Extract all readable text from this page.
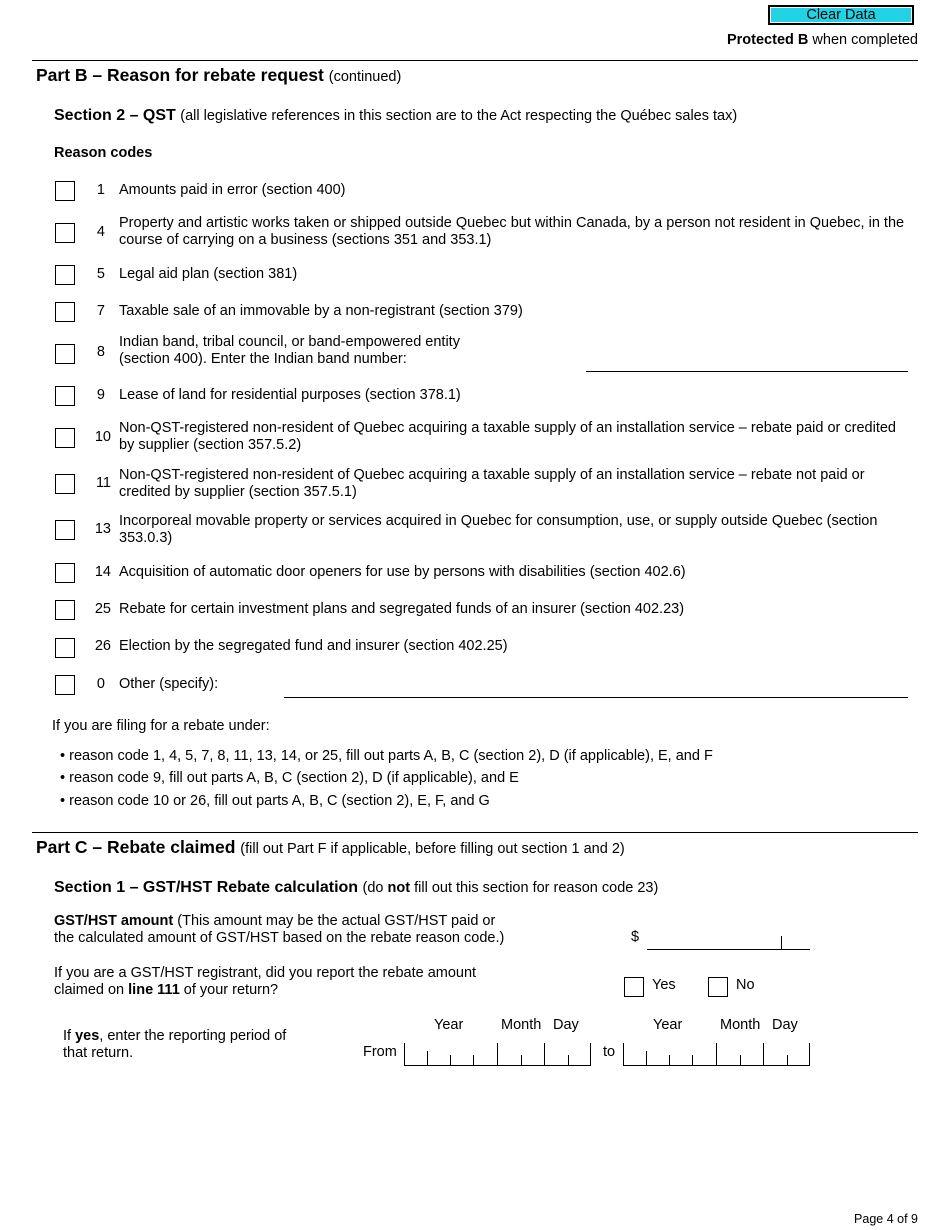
Clear Data
Protected B when completed
Part B – Reason for rebate request (continued)
Section 2 – QST (all legislative references in this section are to the Act respecting the Québec sales tax)
Reason codes
1 Amounts paid in error (section 400)
4
Property and artistic works taken or shipped outside Quebec but within Canada, by a person not resident in Quebec, in the course of carrying on a business (sections 351 and 353.1)
5 Legal aid plan (section 381)
7 Taxable sale of an immovable by a non-registrant (section 379)
8
Indian band, tribal council, or band-empowered entity
(section 400). Enter the Indian band number:
9 Lease of land for residential purposes (section 378.1)
10
Non-QST-registered non-resident of Quebec acquiring a taxable supply of an installation service – rebate paid or credited by supplier (section 357.5.2)
11 Non-QST-registered non-resident of Quebec acquiring a taxable supply of an installation service – rebate not paid or credited by supplier (section 357.5.1)
13 Incorporeal movable property or services acquired in Quebec for consumption, use, or supply outside Quebec (section 353.0.3)
14 Acquisition of automatic door openers for use by persons with disabilities (section 402.6)
25 Rebate for certain investment plans and segregated funds of an insurer (section 402.23)
26 Election by the segregated fund and insurer (section 402.25)
0 Other (specify):
If you are filing for a rebate under:
• reason code 1, 4, 5, 7, 8, 11, 13, 14, or 25, fill out parts A, B, C (section 2), D (if applicable), E, and F
• reason code 9, fill out parts A, B, C (section 2), D (if applicable), and E
• reason code 10 or 26, fill out parts A, B, C (section 2), E, F, and G
Part C – Rebate claimed (fill out Part F if applicable, before filling out section 1 and 2)
Section 1 – GST/HST Rebate calculation (do not fill out this section for reason code 23)
GST/HST amount (This amount may be the actual GST/HST paid or
the calculated amount of GST/HST based on the rebate reason code.)	$
If you are a GST/HST registrant, did you report the rebate amount
claimed on line 111 of your return?	Yes	No
If yes, enter the reporting period of
that return.
Year	Month Day
From	to
Year	Month Day
Page 4 of 9
